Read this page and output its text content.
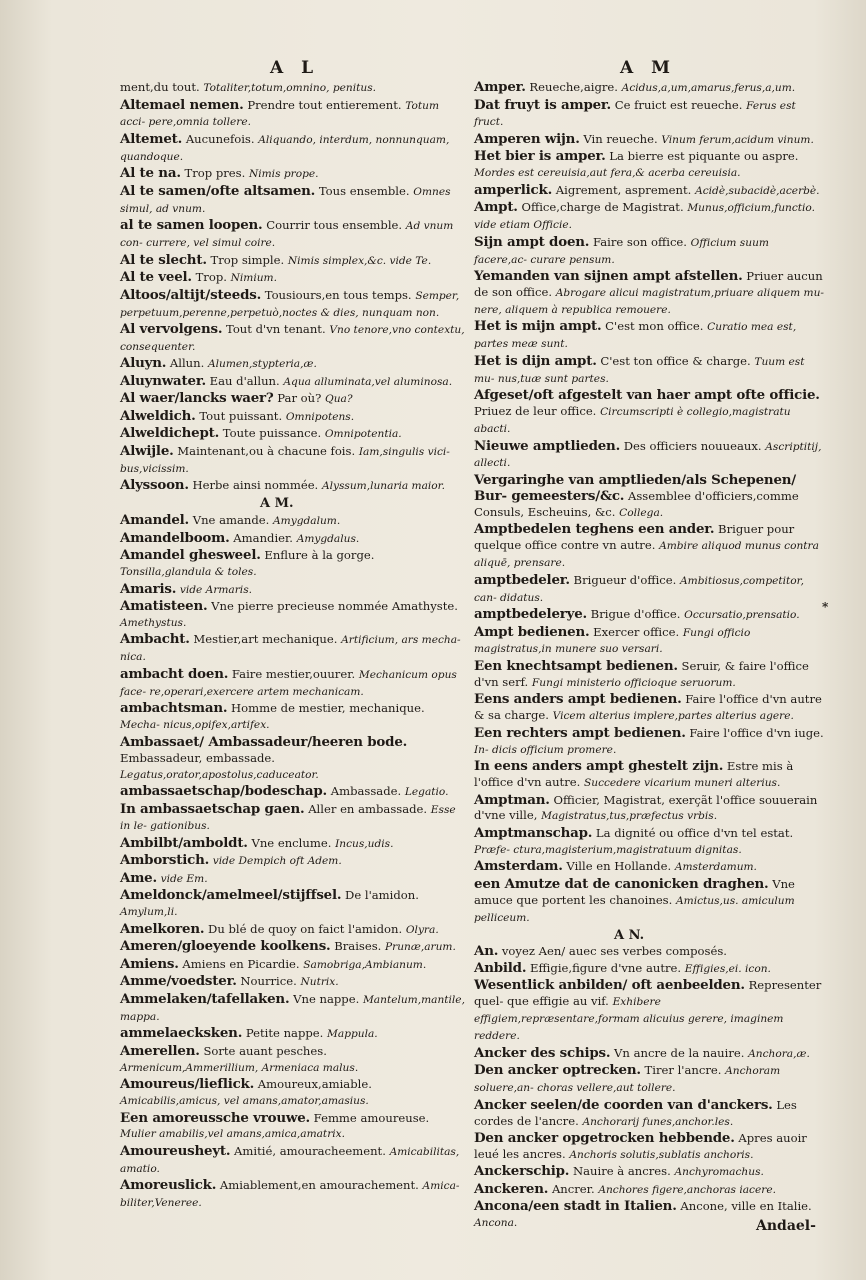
A L	A M
ment,du tout. Totaliter,totum,omnino, penitus.
Altemael nemen. Prendre tout entierement. Totum acci- pere,omnia tollere.
Altemet. Aucunefois. Aliquando, interdum, nonnunquam, quandoque.
Al te na. Trop pres. Nimis prope.
Al te samen/ofte altsamen. Tous ensemble. Omnes simul, ad vnum.
al te samen loopen. Courrir tous ensemble. Ad vnum con- currere, vel simul coire.
Al te slecht. Trop simple. Nimis simplex,&c. vide Te.
Al te veel. Trop. Nimium.
Altoos/altijt/steeds. Tousiours,en tous temps. Semper, perpetuum,perenne,perpetuò,noctes & dies, nunquam non.
Al vervolgens. Tout d'vn tenant. Vno tenore,vno contextu, consequenter.
Aluyn. Allun. Alumen,stypteria,æ.
Aluynwater. Eau d'allun. Aqua alluminata,vel aluminosa.
Al waer/lancks waer? Par où? Qua?
Alweldich. Tout puissant. Omnipotens.
Alweldichept. Toute puissance. Omnipotentia.
Alwijle. Maintenant,ou à chacune fois. Iam,singulis vici- bus,vicissim.
Alyssoon. Herbe ainsi nommée. Alyssum,lunaria maior.
A M.
Amandel. Vne amande. Amygdalum.
Amandelboom. Amandier. Amygdalus.
Amandel ghesweel. Enflure à la gorge. Tonsilla,glandula & toles.
Amaris. vide Armaris.
Amatisteen. Vne pierre precieuse nommée Amathyste. Amethystus.
Ambacht. Mestier,art mechanique. Artificium, ars mecha- nica.
ambacht doen. Faire mestier,ouurer. Mechanicum opus face- re,operari,exercere artem mechanicam.
ambachtsman. Homme de mestier, mechanique. Mecha- nicus,opifex,artifex.
Ambassaet/ Ambassadeur/heeren bode. Embassadeur, embassade. Legatus,orator,apostolus,caduceator.
ambassaetschap/bodeschap. Ambassade. Legatio.
In ambassaetschap gaen. Aller en ambassade. Esse in le- gationibus.
Ambilbt/amboldt. Vne enclume. Incus,udis.
Amborstich. vide Dempich oft Adem.
Ame. vide Em.
Ameldonck/amelmeel/stijffsel. De l'amidon. Amylum,li.
Amelkoren. Du blé de quoy on faict l'amidon. Olyra.
Ameren/gloeyende koolkens. Braises. Prunæ,arum.
Amiens. Amiens en Picardie. Samobriga,Ambianum.
Amme/voedster. Nourrice. Nutrix.
Ammelaken/tafellaken. Vne nappe. Mantelum,mantile, mappa.
ammelaecksken. Petite nappe. Mappula.
Amerellen. Sorte auant pesches. Armenicum,Ammerillium, Armeniaca malus.
Amoureus/lieflick. Amoureux,amiable. Amicabilis,amicus, vel amans,amator,amasius.
Een amoreussche vrouwe. Femme amoureuse. Mulier amabilis,vel amans,amica,amatrix.
Amoureusheyt. Amitié, amouracheement. Amicabilitas, amatio.
Amoreuslick. Amiablement,en amourachement. Amica- biliter,Veneree.
Amper. Reueche,aigre. Acidus,a,um,amarus,ferus,a,um.
Dat fruyt is amper. Ce fruict est reueche. Ferus est fruct.
Amperen wijn. Vin reueche. Vinum ferum,acidum vinum.
Het bier is amper. La bierre est piquante ou aspre. Mordes est cereuisia,aut fera,& acerba cereuisia.
amperlick. Aigrement, asprement. Acidè,subacidè,acerbè.
Ampt. Office,charge de Magistrat. Munus,officium,functio. vide etiam Officie.
Sijn ampt doen. Faire son office. Officium suum facere,ac- curare pensum.
Yemanden van sijnen ampt afstellen. Priuer aucun de son office. Abrogare alicui magistratum,priuare aliquem mu- nere, aliquem à republica remouere.
Het is mijn ampt. C'est mon office. Curatio mea est, partes meæ sunt.
Het is dijn ampt. C'est ton office & charge. Tuum est mu- nus,tuæ sunt partes.
Afgeset/oft afgestelt van haer ampt ofte officie. Priuez de leur office. Circumscripti è collegio,magistratu abacti.
Nieuwe amptlieden. Des officiers nouueaux. Ascriptitij, allecti.
Vergaringhe van amptlieden/als Schepenen/ Bur- gemeesters/&c. Assemblee d'officiers,comme Consuls, Escheuins, &c. Collega.
Amptbedelen teghens een ander. Briguer pour quelque office contre vn autre. Ambire aliquod munus contra aliquē, prensare.
amptbedeler. Brigueur d'office. Ambitiosus,competitor, can- didatus.
amptbedelerye. Brigue d'office. Occursatio,prensatio.
Ampt bedienen. Exercer office. Fungi officio magistratus,in munere suo versari.
Een knechtsampt bedienen. Seruir, & faire l'office d'vn serf. Fungi ministerio officioque seruorum.
Eens anders ampt bedienen. Faire l'office d'vn autre & sa charge. Vicem alterius implere,partes alterius agere.
Een rechters ampt bedienen. Faire l'office d'vn iuge. In- dicis officium promere.
In eens anders ampt ghestelt zijn. Estre mis à l'office d'vn autre. Succedere vicarium muneri alterius.
Amptman. Officier, Magistrat, exerçãt l'office souuerain d'vne ville, Magistratus,tus,præfectus vrbis.
Amptmanschap. La dignité ou office d'vn tel estat. Præfe- ctura,magisterium,magistratuum dignitas.
Amsterdam. Ville en Hollande. Amsterdamum.
een Amutze dat de canonicken draghen. Vne amuce que portent les chanoines. Amictus,us. amiculum pelliceum.
A N.
An. voyez Aen/ auec ses verbes composés.
Anbild. Effigie,figure d'vne autre. Effigies,ei. icon.
Wesentlick anbilden/ oft aenbeelden. Representer quel- que effigie au vif. Exhibere effigiem,repræsentare,formam alicuius gerere, imaginem reddere.
Ancker des schips. Vn ancre de la nauire. Anchora,æ.
Den ancker optrecken. Tirer l'ancre. Anchoram soluere,an- choras vellere,aut tollere.
Ancker seelen/de coorden van d'anckers. Les cordes de l'ancre. Anchorarij funes,anchor.les.
Den ancker opgetrocken hebbende. Apres auoir leué les ancres. Anchoris solutis,sublatis anchoris.
Anckerschip. Nauire à ancres. Anchyromachus.
Anckeren. Ancrer. Anchores figere,anchoras iacere.
Ancona/een stadt in Italien. Ancone, ville en Italie. Ancona.
*
Andael-
